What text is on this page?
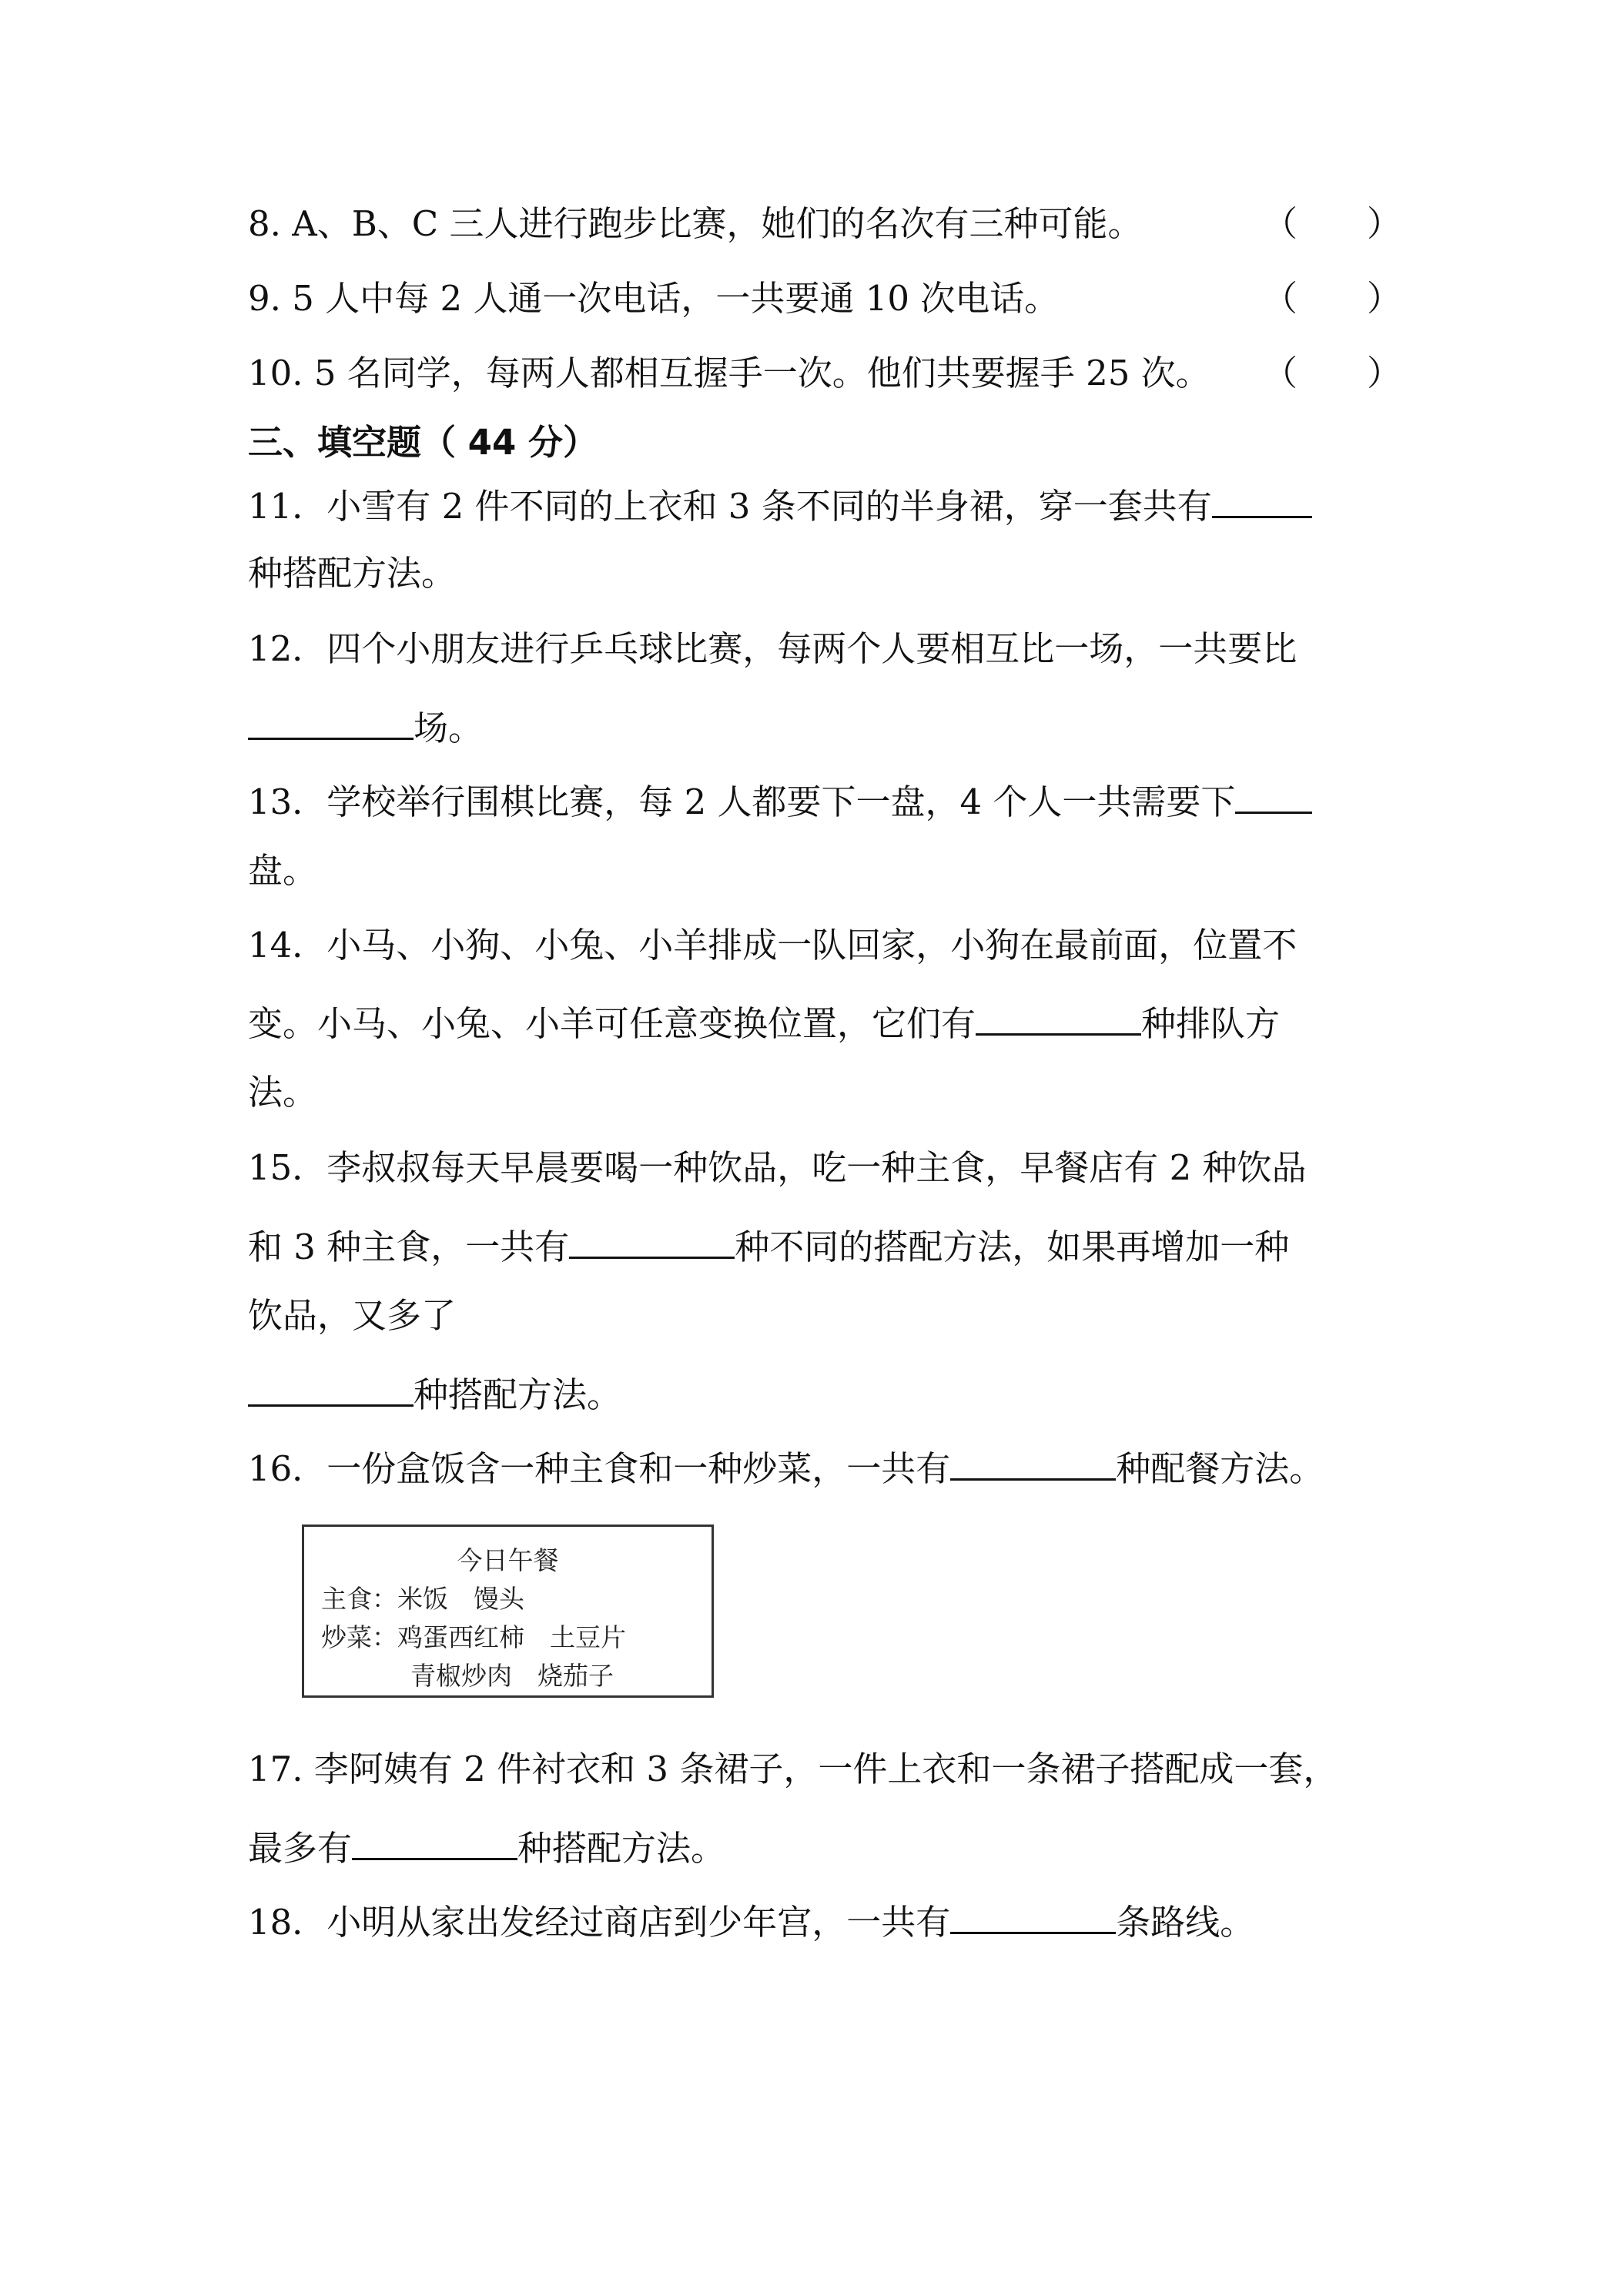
8. A、B、C 三人进行跑步比赛，她们的名次有三种可能。	（　　）
9. 5 人中每 2 人通一次电话，一共要通 10 次电话。	（　　）
10. 5 名同学，每两人都相互握手一次。他们共要握手 25 次。 （　　）
三、填空题（ 44 分）
11．小雪有 2 件不同的上衣和 3 条不同的半身裙，穿一套共有
种搭配方法。
12．四个小朋友进行乒乓球比赛，每两个人要相互比一场，一共要比
场。
13．学校举行围棋比赛，每 2 人都要下一盘，4 个人一共需要下
盘。
14．小马、小狗、小兔、小羊排成一队回家，小狗在最前面，位置不
变。小马、小兔、小羊可任意变换位置，它们有	种排队方
法。
15．李叔叔每天早晨要喝一种饮品，吃一种主食，早餐店有 2 种饮品
和 3 种主食，一共有	种不同的搭配方法，如果再增加一种
饮品，又多了
种搭配方法。
16．一份盒饭含一种主食和一种炒菜，一共有	种配餐方法。
今日午餐
主食：米饭　馒头
炒菜：鸡蛋西红柿　土豆片
青椒炒肉　烧茄子
17. 李阿姨有 2 件衬衣和 3 条裙子，一件上衣和一条裙子搭配成一套，
最多有	种搭配方法。
18．小明从家出发经过商店到少年宫，一共有	条路线。
